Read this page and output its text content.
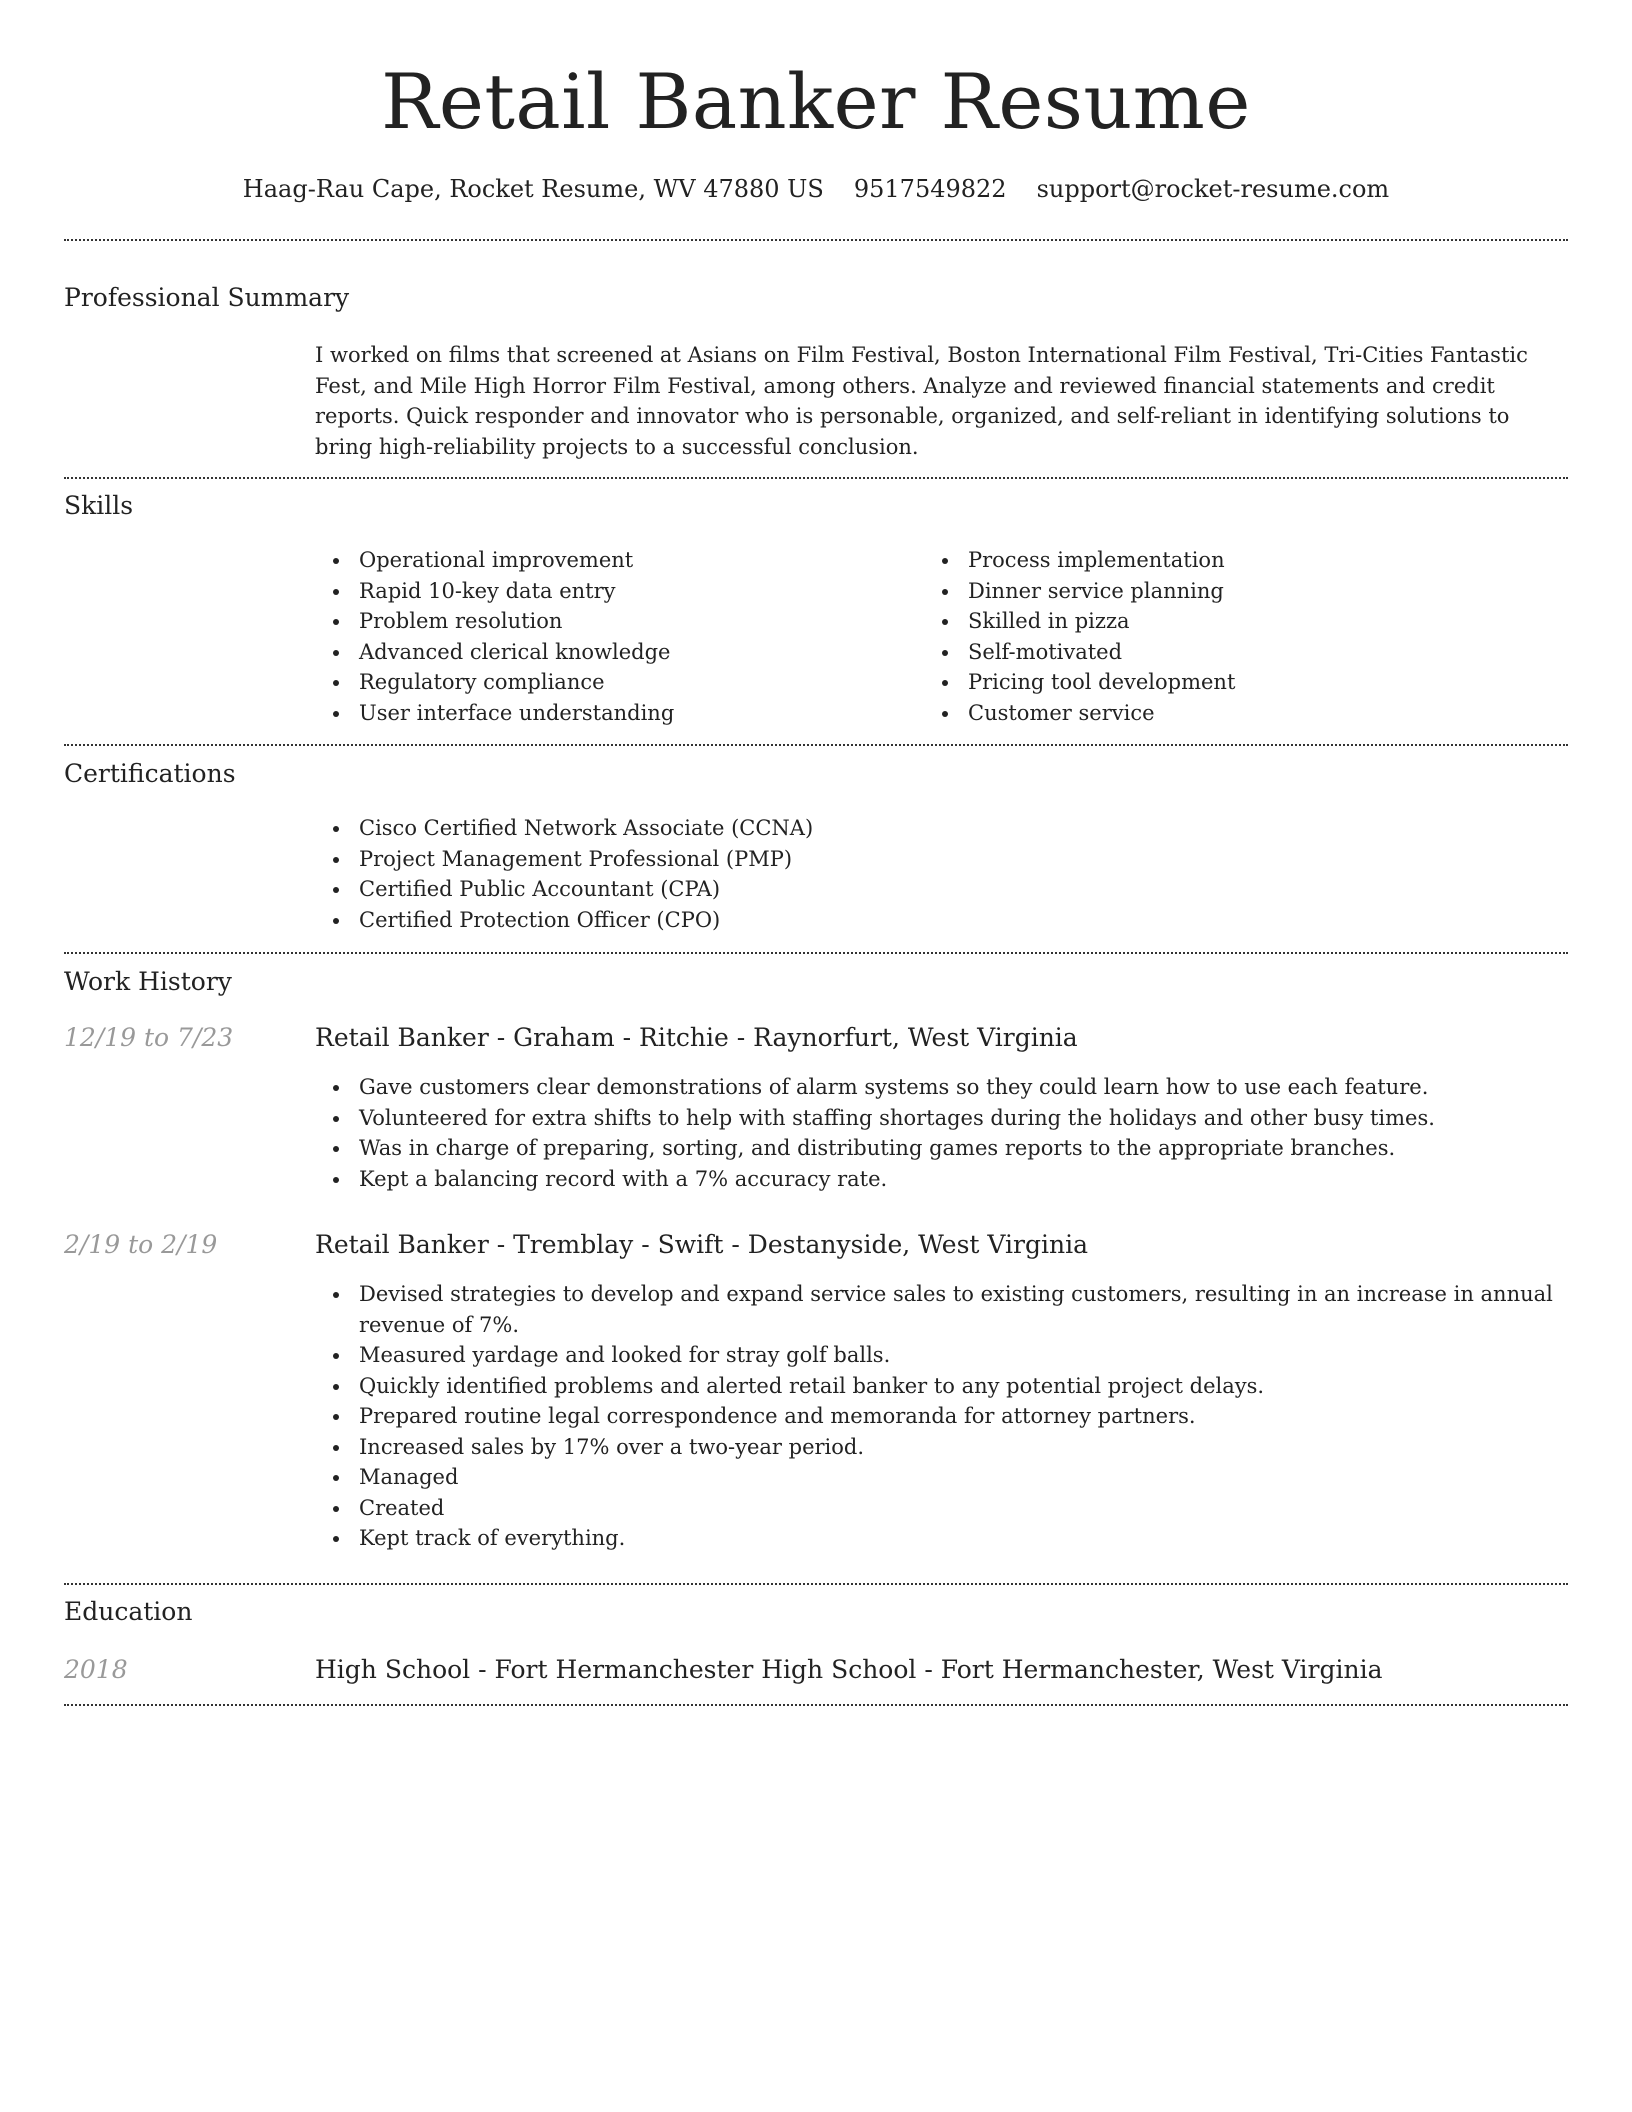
Retail Banker Resume
Haag-Rau Cape, Rocket Resume, WV 47880 US 9517549822 support@rocket-resume.com
Professional Summary

I worked on films that screened at Asians on Film Festival, Boston International Film Festival, Tri-Cities Fantastic Fest, and Mile High Horror Film Festival, among others. Analyze and reviewed financial statements and credit reports. Quick responder and innovator who is personable, organized, and self-reliant in identifying solutions to bring high-reliability projects to a successful conclusion.

Skills
Operational improvement
Rapid 10-key data entry
Problem resolution
Advanced clerical knowledge
Regulatory compliance
User interface understanding
Process implementation
Dinner service planning
Skilled in pizza
Self-motivated
Pricing tool development
Customer service
Certifications
Cisco Certified Network Associate (CCNA)
Project Management Professional (PMP)
Certified Public Accountant (CPA)
Certified Protection Officer (CPO)
Work History
12/19 to 7/23	Retail Banker - Graham - Ritchie - Raynorfurt, West Virginia
Gave customers clear demonstrations of alarm systems so they could learn how to use each feature.
Volunteered for extra shifts to help with staffing shortages during the holidays and other busy times.
Was in charge of preparing, sorting, and distributing games reports to the appropriate branches.
Kept a balancing record with a 7% accuracy rate.
2/19 to 2/19	Retail Banker - Tremblay - Swift - Destanyside, West Virginia
Devised strategies to develop and expand service sales to existing customers, resulting in an increase in annual revenue of 7%.
Measured yardage and looked for stray golf balls.
Quickly identified problems and alerted retail banker to any potential project delays.
Prepared routine legal correspondence and memoranda for attorney partners.
Increased sales by 17% over a two-year period.
Managed
Created
Kept track of everything.
Education
2018	High School - Fort Hermanchester High School - Fort Hermanchester, West Virginia
